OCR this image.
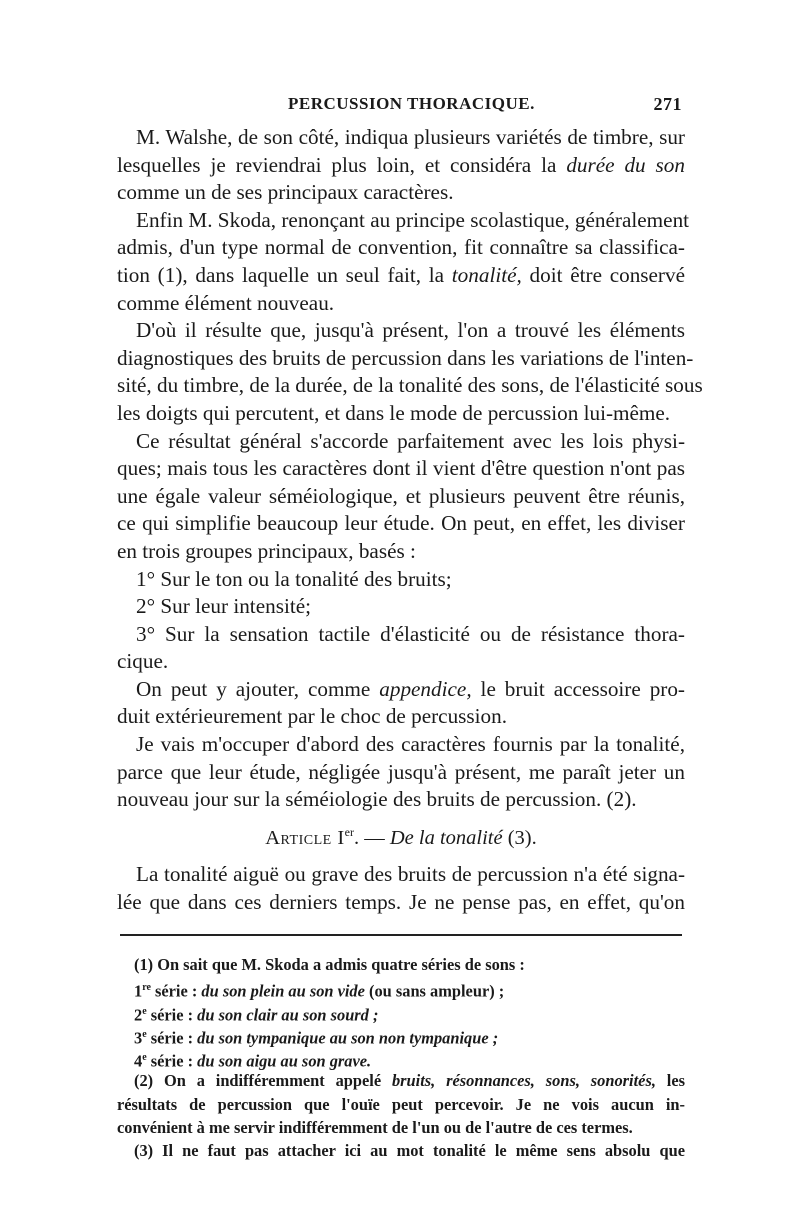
PERCUSSION THORACIQUE.	271
M. Walshe, de son côté, indiqua plusieurs variétés de timbre, sur
lesquelles je reviendrai plus loin, et considéra la durée du son
comme un de ses principaux caractères.
Enfin M. Skoda, renonçant au principe scolastique, généralement
admis, d'un type normal de convention, fit connaître sa classifica-
tion (1), dans laquelle un seul fait, la tonalité, doit être conservé
comme élément nouveau.
D'où il résulte que, jusqu'à présent, l'on a trouvé les éléments
diagnostiques des bruits de percussion dans les variations de l'inten-
sité, du timbre, de la durée, de la tonalité des sons, de l'élasticité sous
les doigts qui percutent, et dans le mode de percussion lui-même.
Ce résultat général s'accorde parfaitement avec les lois physi-
ques; mais tous les caractères dont il vient d'être question n'ont pas
une égale valeur séméiologique, et plusieurs peuvent être réunis,
ce qui simplifie beaucoup leur étude. On peut, en effet, les diviser
en trois groupes principaux, basés :
1° Sur le ton ou la tonalité des bruits;
2° Sur leur intensité;
3° Sur la sensation tactile d'élasticité ou de résistance thora-
cique.
On peut y ajouter, comme appendice, le bruit accessoire pro-
duit extérieurement par le choc de percussion.
Je vais m'occuper d'abord des caractères fournis par la tonalité,
parce que leur étude, négligée jusqu'à présent, me paraît jeter un
nouveau jour sur la séméiologie des bruits de percussion. (2).
Article Ier. — De la tonalité (3).
La tonalité aiguë ou grave des bruits de percussion n'a été signa-
lée que dans ces derniers temps. Je ne pense pas, en effet, qu'on
(1) On sait que M. Skoda a admis quatre séries de sons :
1re série : du son plein au son vide (ou sans ampleur) ;
2e série : du son clair au son sourd ;
3e série : du son tympanique au son non tympanique ;
4e série : du son aigu au son grave.
(2) On a indifféremment appelé bruits, résonnances, sons, sonorités, les
résultats de percussion que l'ouïe peut percevoir. Je ne vois aucun in-
convénient à me servir indifféremment de l'un ou de l'autre de ces termes.
(3) Il ne faut pas attacher ici au mot tonalité le même sens absolu que
